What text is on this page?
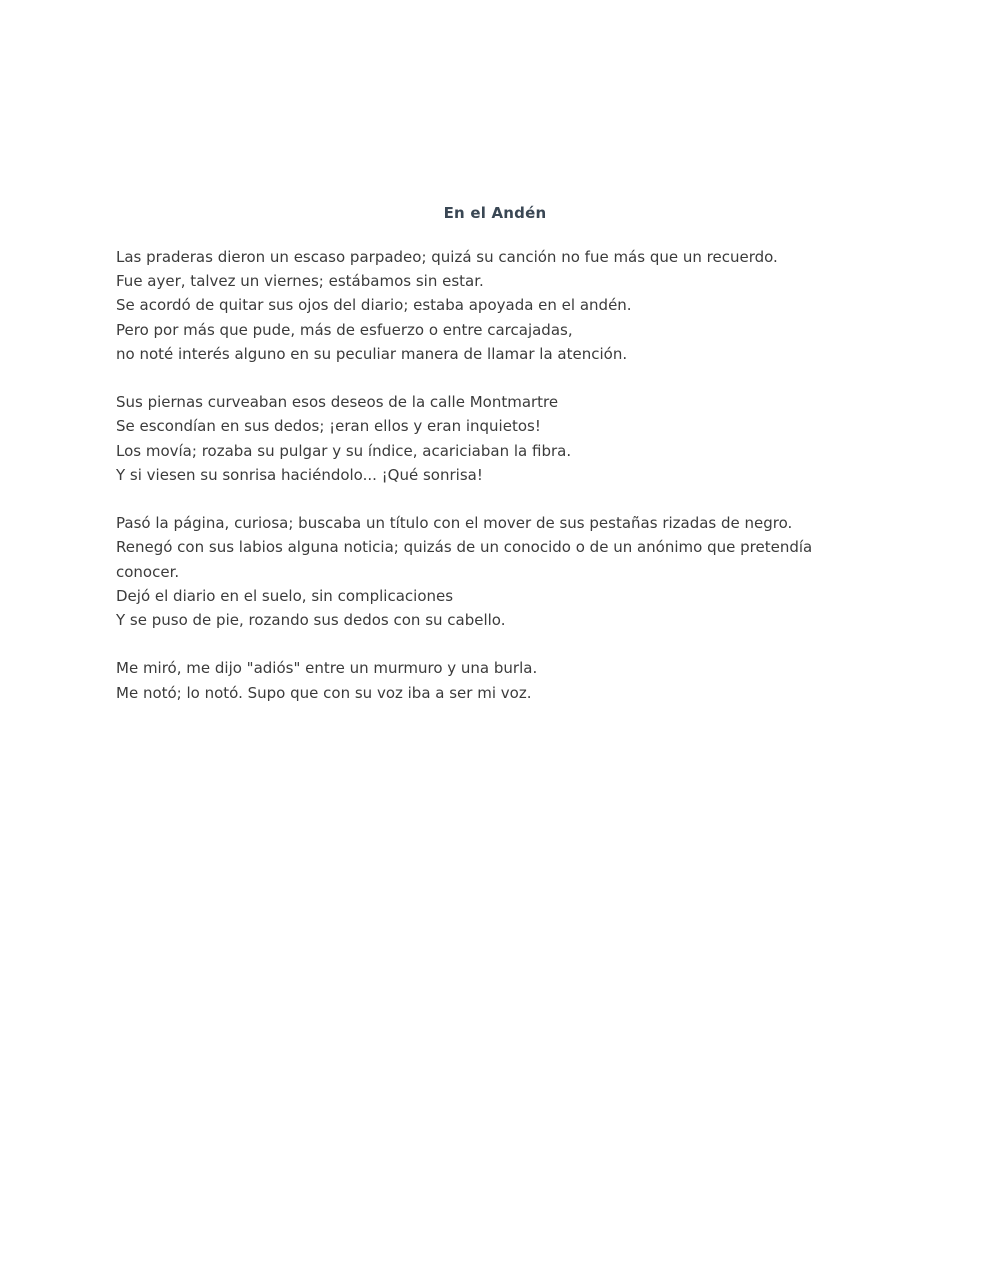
En el Andén
Las praderas dieron un escaso parpadeo; quizá su canción no fue más que un recuerdo.
Fue ayer, talvez un viernes; estábamos sin estar.
Se acordó de quitar sus ojos del diario; estaba apoyada en el andén.
Pero por más que pude, más de esfuerzo o entre carcajadas,
no noté interés alguno en su peculiar manera de llamar la atención.
Sus piernas curveaban esos deseos de la calle Montmartre
Se escondían en sus dedos; ¡eran ellos y eran inquietos!
Los movía; rozaba su pulgar y su índice, acariciaban la fibra.
Y si viesen su sonrisa haciéndolo... ¡Qué sonrisa!
Pasó la página, curiosa; buscaba un título con el mover de sus pestañas rizadas de negro.
Renegó con sus labios alguna noticia; quizás de un conocido o de un anónimo que pretendía conocer.
Dejó el diario en el suelo, sin complicaciones
Y se puso de pie, rozando sus dedos con su cabello.
Me miró, me dijo "adiós" entre un murmuro y una burla.
Me notó; lo notó. Supo que con su voz iba a ser mi voz.
